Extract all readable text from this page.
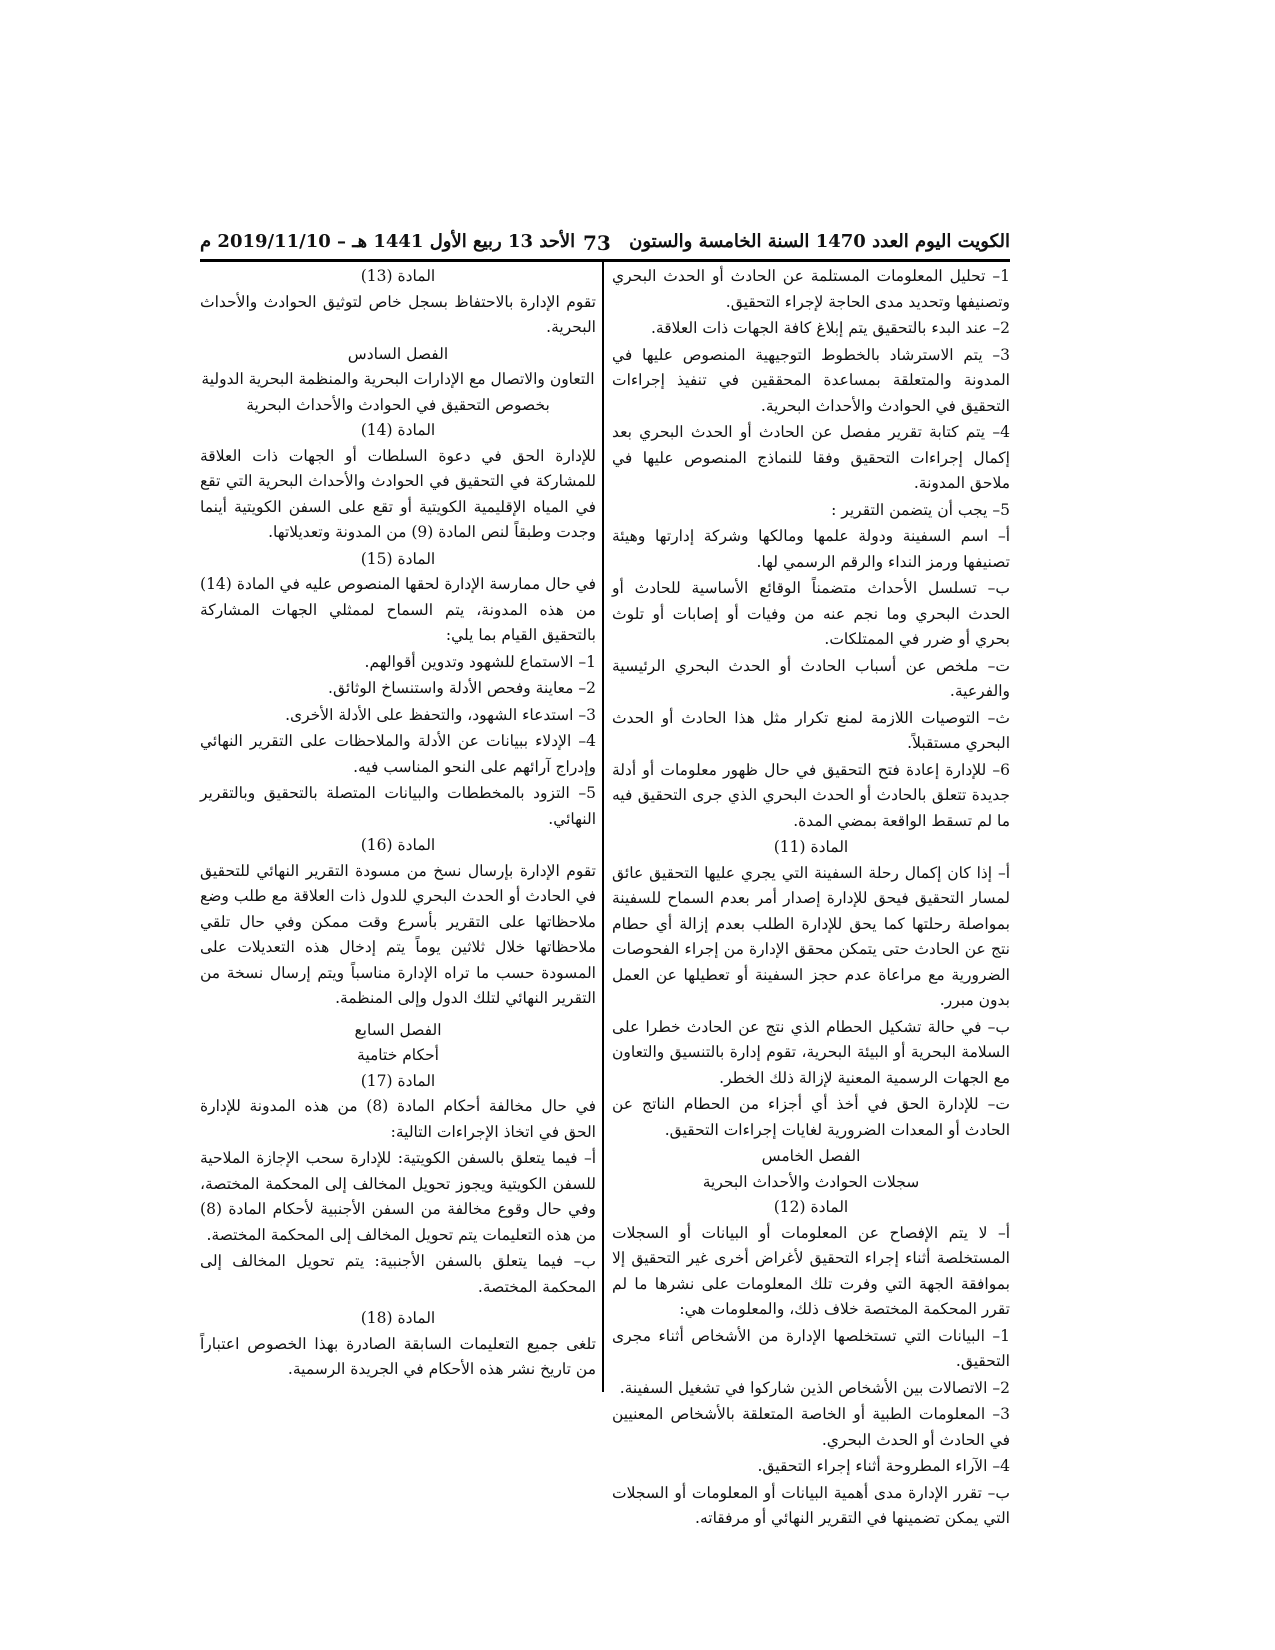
الكويت اليوم العدد 1470 السنة الخامسة والستون
73
الأحد 13 ربيع الأول 1441 هـ – 2019/11/10 م

1– تحليل المعلومات المستلمة عن الحادث أو الحدث البحري وتصنيفها وتحديد مدى الحاجة لإجراء التحقيق.

2– عند البدء بالتحقيق يتم إبلاغ كافة الجهات ذات العلاقة.

3– يتم الاسترشاد بالخطوط التوجيهية المنصوص عليها في المدونة والمتعلقة بمساعدة المحققين في تنفيذ إجراءات التحقيق في الحوادث والأحداث البحرية.

4– يتم كتابة تقرير مفصل عن الحادث أو الحدث البحري بعد إكمال إجراءات التحقيق وفقا للنماذج المنصوص عليها في ملاحق المدونة.

5– يجب أن يتضمن التقرير :

أ– اسم السفينة ودولة علمها ومالكها وشركة إدارتها وهيئة تصنيفها ورمز النداء والرقم الرسمي لها.

ب– تسلسل الأحداث متضمناً الوقائع الأساسية للحادث أو الحدث البحري وما نجم عنه من وفيات أو إصابات أو تلوث بحري أو ضرر في الممتلكات.

ت– ملخص عن أسباب الحادث أو الحدث البحري الرئيسية والفرعية.

ث– التوصيات اللازمة لمنع تكرار مثل هذا الحادث أو الحدث البحري مستقبلاً.

6– للإدارة إعادة فتح التحقيق في حال ظهور معلومات أو أدلة جديدة تتعلق بالحادث أو الحدث البحري الذي جرى التحقيق فيه ما لم تسقط الواقعة بمضي المدة.

المادة (11)

أ– إذا كان إكمال رحلة السفينة التي يجري عليها التحقيق عائق لمسار التحقيق فيحق للإدارة إصدار أمر بعدم السماح للسفينة بمواصلة رحلتها كما يحق للإدارة الطلب بعدم إزالة أي حطام نتج عن الحادث حتى يتمكن محقق الإدارة من إجراء الفحوصات الضرورية مع مراعاة عدم حجز السفينة أو تعطيلها عن العمل بدون مبرر.

ب– في حالة تشكيل الحطام الذي نتج عن الحادث خطرا على السلامة البحرية أو البيئة البحرية، تقوم إدارة بالتنسيق والتعاون مع الجهات الرسمية المعنية لإزالة ذلك الخطر.

ت– للإدارة الحق في أخذ أي أجزاء من الحطام الناتج عن الحادث أو المعدات الضرورية لغايات إجراءات التحقيق.

الفصل الخامس

سجلات الحوادث والأحداث البحرية

المادة (12)

أ– لا يتم الإفصاح عن المعلومات أو البيانات أو السجلات المستخلصة أثناء إجراء التحقيق لأغراض أخرى غير التحقيق إلا بموافقة الجهة التي وفرت تلك المعلومات على نشرها ما لم تقرر المحكمة المختصة خلاف ذلك، والمعلومات هي:

1– البيانات التي تستخلصها الإدارة من الأشخاص أثناء مجرى التحقيق.

2– الاتصالات بين الأشخاص الذين شاركوا في تشغيل السفينة.

3– المعلومات الطبية أو الخاصة المتعلقة بالأشخاص المعنيين في الحادث أو الحدث البحري.

4– الآراء المطروحة أثناء إجراء التحقيق.

ب– تقرر الإدارة مدى أهمية البيانات أو المعلومات أو السجلات التي يمكن تضمينها في التقرير النهائي أو مرفقاته.

المادة (13)

تقوم الإدارة بالاحتفاظ بسجل خاص لتوثيق الحوادث والأحداث البحرية.

الفصل السادس

التعاون والاتصال مع الإدارات البحرية والمنظمة البحرية الدولية

بخصوص التحقيق في الحوادث والأحداث البحرية

المادة (14)

للإدارة الحق في دعوة السلطات أو الجهات ذات العلاقة للمشاركة في التحقيق في الحوادث والأحداث البحرية التي تقع في المياه الإقليمية الكويتية أو تقع على السفن الكويتية أينما وجدت وطبقاً لنص المادة (9) من المدونة وتعديلاتها.

المادة (15)

في حال ممارسة الإدارة لحقها المنصوص عليه في المادة (14) من هذه المدونة، يتم السماح لممثلي الجهات المشاركة بالتحقيق القيام بما يلي:

1– الاستماع للشهود وتدوين أقوالهم.

2– معاينة وفحص الأدلة واستنساخ الوثائق.

3– استدعاء الشهود، والتحفظ على الأدلة الأخرى.

4– الإدلاء ببيانات عن الأدلة والملاحظات على التقرير النهائي وإدراج آرائهم على النحو المناسب فيه.

5– التزود بالمخططات والبيانات المتصلة بالتحقيق وبالتقرير النهائي.

المادة (16)

تقوم الإدارة بإرسال نسخ من مسودة التقرير النهائي للتحقيق في الحادث أو الحدث البحري للدول ذات العلاقة مع طلب وضع ملاحظاتها على التقرير بأسرع وقت ممكن وفي حال تلقي ملاحظاتها خلال ثلاثين يوماً يتم إدخال هذه التعديلات على المسودة حسب ما تراه الإدارة مناسباً ويتم إرسال نسخة من التقرير النهائي لتلك الدول وإلى المنظمة.

الفصل السابع

أحكام ختامية

المادة (17)

في حال مخالفة أحكام المادة (8) من هذه المدونة للإدارة الحق في اتخاذ الإجراءات التالية:

أ– فيما يتعلق بالسفن الكويتية: للإدارة سحب الإجازة الملاحية للسفن الكويتية ويجوز تحويل المخالف إلى المحكمة المختصة، وفي حال وقوع مخالفة من السفن الأجنبية لأحكام المادة (8) من هذه التعليمات يتم تحويل المخالف إلى المحكمة المختصة.

ب– فيما يتعلق بالسفن الأجنبية: يتم تحويل المخالف إلى المحكمة المختصة.

المادة (18)

تلغى جميع التعليمات السابقة الصادرة بهذا الخصوص اعتباراً من تاريخ نشر هذه الأحكام في الجريدة الرسمية.
